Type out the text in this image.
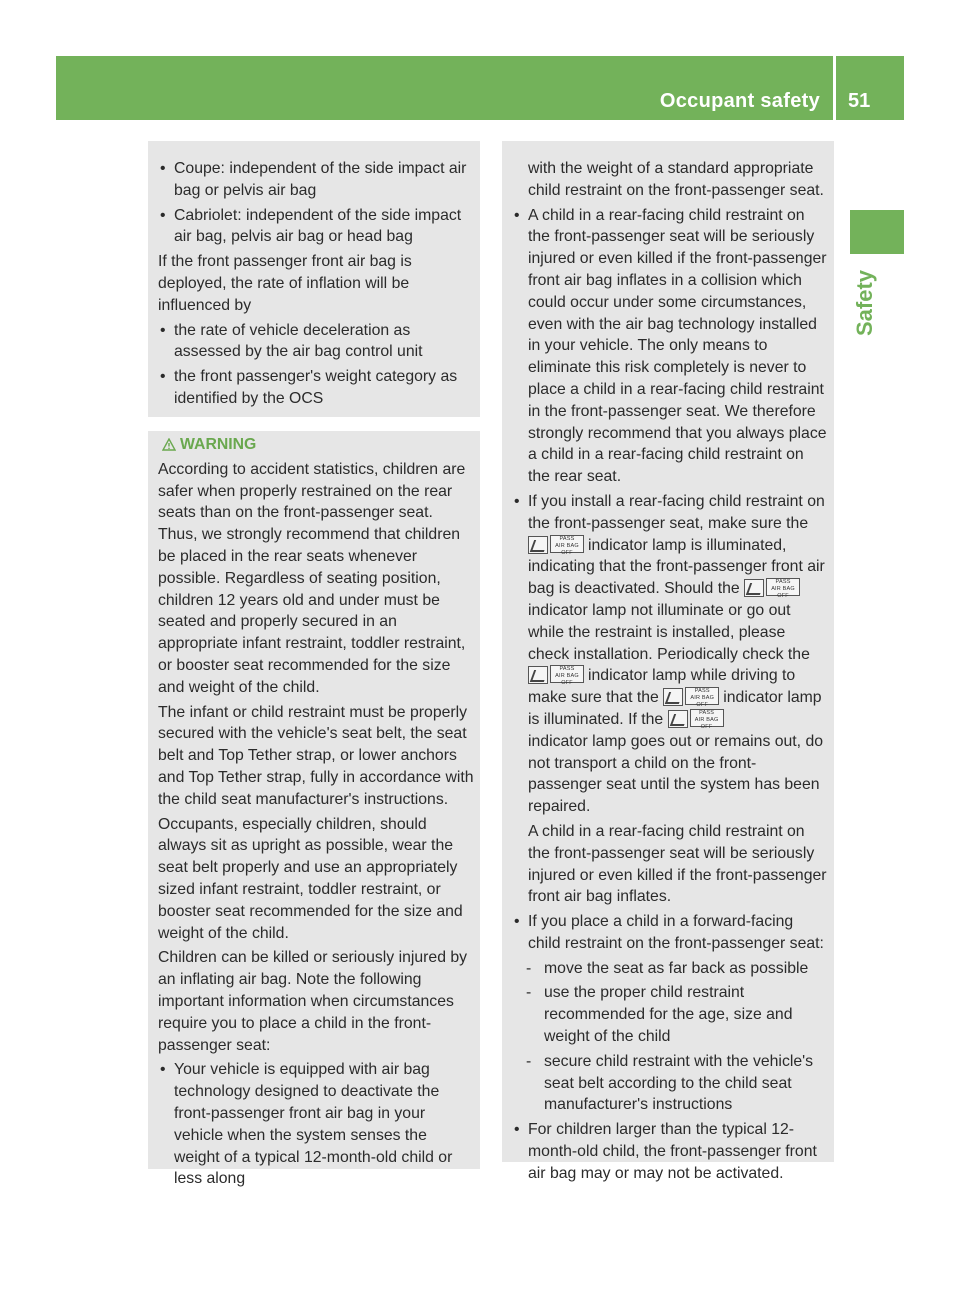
Occupant safety 51
Safety
• Coupe: independent of the side impact air bag or pelvis air bag
• Cabriolet: independent of the side impact air bag, pelvis air bag or head bag

If the front passenger front air bag is deployed, the rate of inflation will be influenced by

• the rate of vehicle deceleration as assessed by the air bag control unit
• the front passenger's weight category as identified by the OCS
WARNING

According to accident statistics, children are safer when properly restrained on the rear seats than on the front-passenger seat. Thus, we strongly recommend that children be placed in the rear seats whenever possible. Regardless of seating position, children 12 years old and under must be seated and properly secured in an appropriate infant restraint, toddler restraint, or booster seat recommended for the size and weight of the child.

The infant or child restraint must be properly secured with the vehicle's seat belt, the seat belt and Top Tether strap, or lower anchors and Top Tether strap, fully in accordance with the child seat manufacturer's instructions.

Occupants, especially children, should always sit as upright as possible, wear the seat belt properly and use an appropriately sized infant restraint, toddler restraint, or booster seat recommended for the size and weight of the child.

Children can be killed or seriously injured by an inflating air bag. Note the following important information when circumstances require you to place a child in the front-passenger seat:

• Your vehicle is equipped with air bag technology designed to deactivate the front-passenger front air bag in your vehicle when the system senses the weight of a typical 12-month-old child or less along
with the weight of a standard appropriate child restraint on the front-passenger seat.
• A child in a rear-facing child restraint on the front-passenger seat will be seriously injured or even killed if the front-passenger front air bag inflates in a collision which could occur under some circumstances, even with the air bag technology installed in your vehicle. The only means to eliminate this risk completely is never to place a child in a rear-facing child restraint in the front-passenger seat. We therefore strongly recommend that you always place a child in a rear-facing child restraint on the rear seat.
• If you install a rear-facing child restraint on the front-passenger seat, make sure the
PASS
AIR BAG OFF indicator lamp is illuminated, indicating that the front-passenger front air bag is deactivated. Should the	PASS
AIR BAG OFF
indicator lamp not illuminate or go out while the restraint is installed, please check installation. Periodically check the
PASS
AIR BAG OFF indicator lamp while driving to make sure that the	PASS
AIR BAG OFF indicator lamp is illuminated. If the	PASS
AIR BAG OFF
indicator lamp goes out or remains out, do not transport a child on the front-passenger seat until the system has been repaired.
A child in a rear-facing child restraint on the front-passenger seat will be seriously injured or even killed if the front-passenger front air bag inflates.
• If you place a child in a forward-facing child restraint on the front-passenger seat:
- move the seat as far back as possible
- use the proper child restraint recommended for the age, size and weight of the child
- secure child restraint with the vehicle's seat belt according to the child seat manufacturer's instructions
• For children larger than the typical 12-month-old child, the front-passenger front air bag may or may not be activated.
